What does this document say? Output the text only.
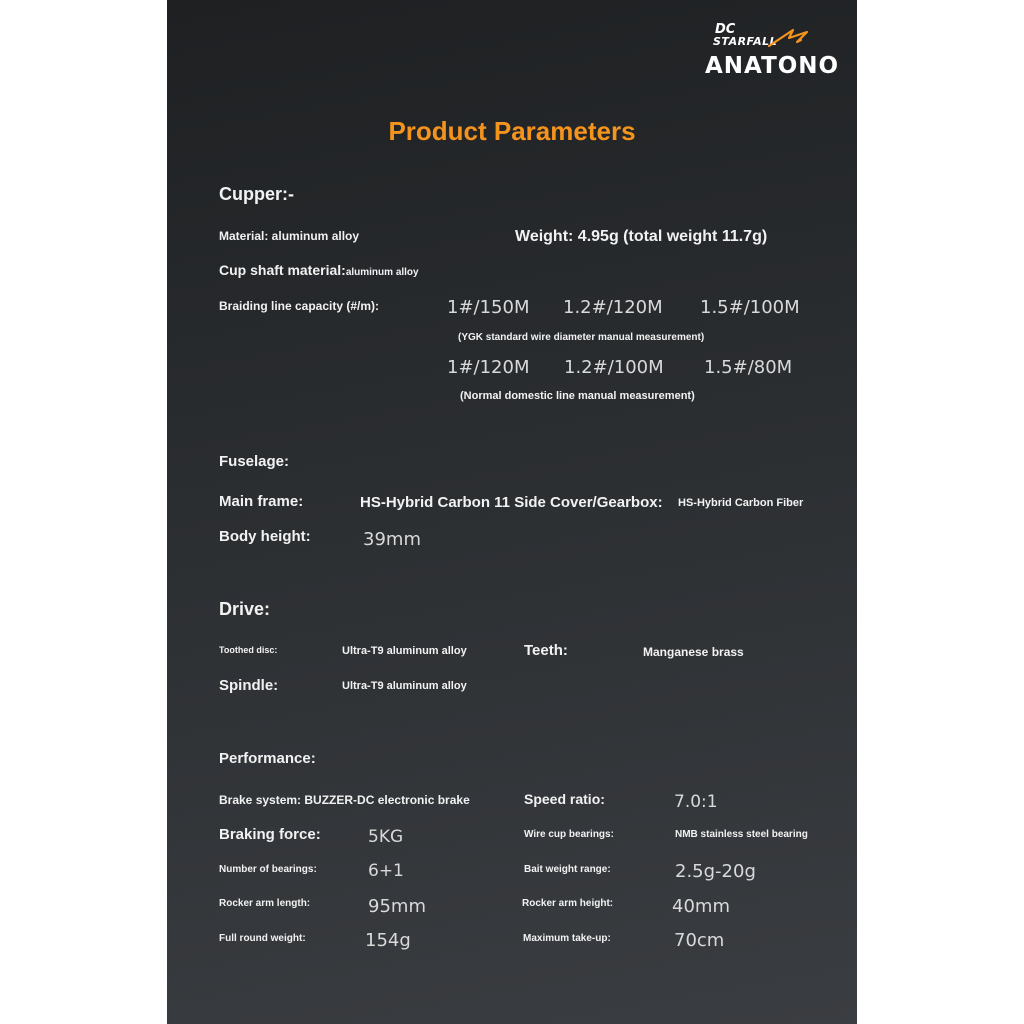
DC
STARFALL
ANATONO
Product Parameters
Cupper:-
Material: aluminum alloy	Weight: 4.95g (total weight 11.7g)
Cup shaft material:aluminum alloy
Braiding line capacity (#/m):	1#/150M 1.2#/120M 1.5#/100M
(YGK standard wire diameter manual measurement)
1#/120M 1.2#/100M 1.5#/80M
(Normal domestic line manual measurement)
Fuselage:
Main frame:	HS-Hybrid Carbon 11 Side Cover/Gearbox: HS-Hybrid Carbon Fiber
Body height:	39mm
Drive:
Toothed disc:	Ultra-T9 aluminum alloy	Teeth:	Manganese brass
Spindle:	Ultra-T9 aluminum alloy
Performance:
Brake system: BUZZER-DC electronic brake	Speed ratio:	7.0:1
Braking force:	5KG	Wire cup bearings:	NMB stainless steel bearing
Number of bearings:	6+1	Bait weight range:	2.5g-20g
Rocker arm length:	95mm	Rocker arm height:	40mm
Full round weight:	154g	Maximum take-up:	70cm
